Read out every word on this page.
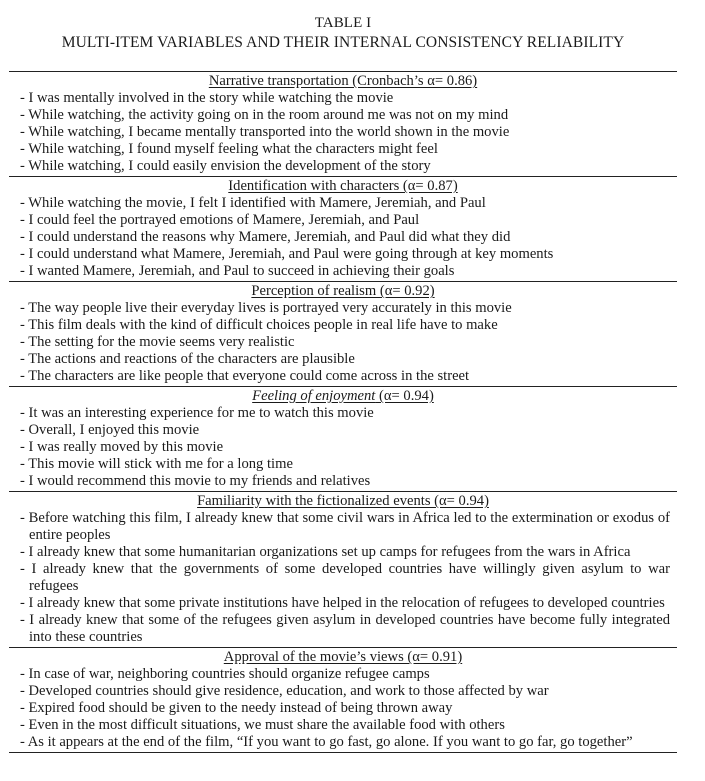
TABLE I
MULTI-ITEM VARIABLES AND THEIR INTERNAL CONSISTENCY RELIABILITY
Narrative transportation (Cronbach’s α= 0.86)
- I was mentally involved in the story while watching the movie
- While watching, the activity going on in the room around me was not on my mind
- While watching, I became mentally transported into the world shown in the movie
- While watching, I found myself feeling what the characters might feel
- While watching, I could easily envision the development of the story
Identification with characters (α= 0.87)
- While watching the movie, I felt I identified with Mamere, Jeremiah, and Paul
- I could feel the portrayed emotions of Mamere, Jeremiah, and Paul
- I could understand the reasons why Mamere, Jeremiah, and Paul did what they did
- I could understand what Mamere, Jeremiah, and Paul were going through at key moments
- I wanted Mamere, Jeremiah, and Paul to succeed in achieving their goals
Perception of realism (α= 0.92)
- The way people live their everyday lives is portrayed very accurately in this movie
- This film deals with the kind of difficult choices people in real life have to make
- The setting for the movie seems very realistic
- The actions and reactions of the characters are plausible
- The characters are like people that everyone could come across in the street
Feeling of enjoyment (α= 0.94)
- It was an interesting experience for me to watch this movie
- Overall, I enjoyed this movie
- I was really moved by this movie
- This movie will stick with me for a long time
- I would recommend this movie to my friends and relatives
Familiarity with the fictionalized events (α= 0.94)
- Before watching this film, I already knew that some civil wars in Africa led to the extermination or exodus of entire peoples
- I already knew that some humanitarian organizations set up camps for refugees from the wars in Africa
- I already knew that the governments of some developed countries have willingly given asylum to war refugees
- I already knew that some private institutions have helped in the relocation of refugees to developed countries
- I already knew that some of the refugees given asylum in developed countries have become fully integrated into these countries
Approval of the movie’s views (α= 0.91)
- In case of war, neighboring countries should organize refugee camps
- Developed countries should give residence, education, and work to those affected by war
- Expired food should be given to the needy instead of being thrown away
- Even in the most difficult situations, we must share the available food with others
- As it appears at the end of the film, “If you want to go fast, go alone. If you want to go far, go together”
